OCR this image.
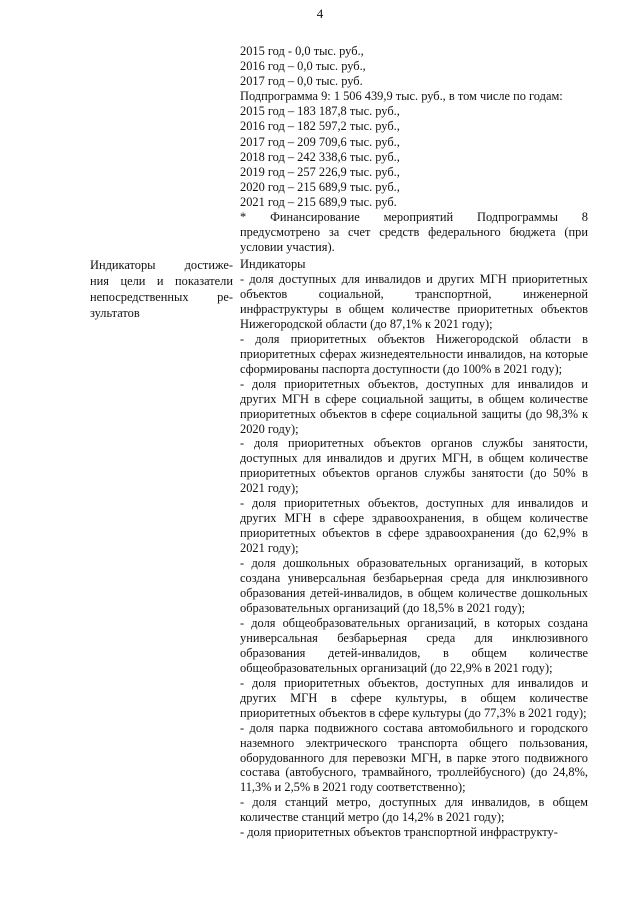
4
2015 год - 0,0 тыс. руб.,
2016 год – 0,0 тыс. руб.,
2017 год – 0,0 тыс. руб.
Подпрограмма 9: 1 506 439,9 тыс. руб., в том числе по годам:
2015 год – 183 187,8 тыс. руб.,
2016 год – 182 597,2 тыс. руб.,
2017 год – 209 709,6 тыс. руб.,
2018 год – 242 338,6 тыс. руб.,
2019 год – 257 226,9 тыс. руб.,
2020 год – 215 689,9 тыс. руб.,
2021 год – 215 689,9 тыс. руб.
* Финансирование мероприятий Подпрограммы 8 предусмотрено за счет средств федерального бюджета (при условии участия).
Индикаторы достиже-
ния цели и показатели
непосредственных ре-
зультатов
Индикаторы
- доля доступных для инвалидов и других МГН приоритетных объектов социальной, транспортной, инженерной инфраструктуры в общем количестве приоритетных объектов Нижегородской области (до 87,1% к 2021 году);
- доля приоритетных объектов Нижегородской области в приоритетных сферах жизнедеятельности инвалидов, на которые сформированы паспорта доступности (до 100% в 2021 году);
- доля приоритетных объектов, доступных для инвалидов и других МГН в сфере социальной защиты, в общем количестве приоритетных объектов в сфере социальной защиты (до 98,3% к 2020 году);
- доля приоритетных объектов органов службы занятости, доступных для инвалидов и других МГН, в общем количестве приоритетных объектов органов службы занятости (до 50% в 2021 году);
- доля приоритетных объектов, доступных для инвалидов и других МГН в сфере здравоохранения, в общем количестве приоритетных объектов в сфере здравоохранения (до 62,9% в 2021 году);
- доля дошкольных образовательных организаций, в которых создана универсальная безбарьерная среда для инклюзивного образования детей-инвалидов, в общем количестве дошкольных образовательных организаций (до 18,5% в 2021 году);
- доля общеобразовательных организаций, в которых создана универсальная безбарьерная среда для инклюзивного образования детей-инвалидов, в общем количестве общеобразовательных организаций (до 22,9% в 2021 году);
- доля приоритетных объектов, доступных для инвалидов и других МГН в сфере культуры, в общем количестве приоритетных объектов в сфере культуры (до 77,3% в 2021 году);
- доля парка подвижного состава автомобильного и городского наземного электрического транспорта общего пользования, оборудованного для перевозки МГН, в парке этого подвижного состава (автобусного, трамвайного, троллейбусного) (до 24,8%, 11,3% и 2,5% в 2021 году соответственно);
- доля станций метро, доступных для инвалидов, в общем количестве станций метро (до 14,2% в 2021 году);
- доля приоритетных объектов транспортной инфраструкту-
